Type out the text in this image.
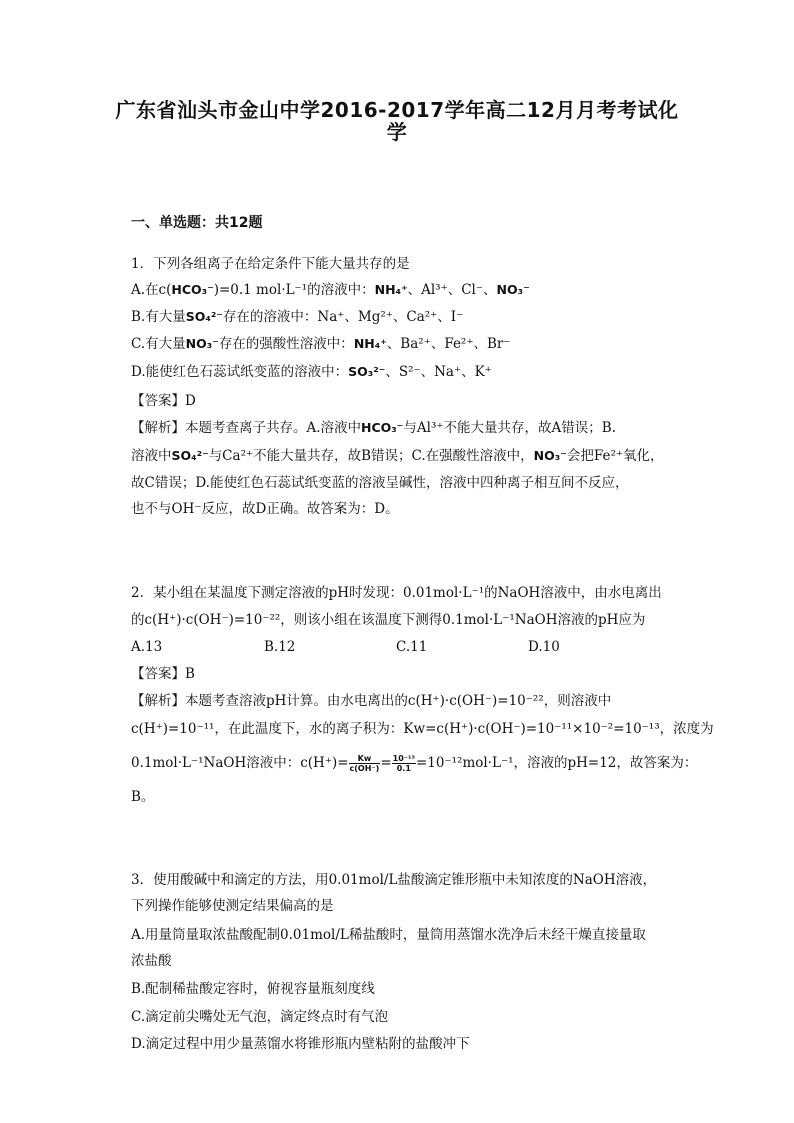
广东省汕头市金山中学2016-2017学年高二12月月考考试化
学
一、单选题：共12题
1．下列各组离子在给定条件下能大量共存的是
A.在c(HCO₃⁻)=0.1 mol·L⁻¹的溶液中：NH₄⁺、Al³⁺、Cl⁻、NO₃⁻
B.有大量SO₄²⁻存在的溶液中：Na⁺、Mg²⁺、Ca²⁺、I⁻
C.有大量NO₃⁻存在的强酸性溶液中：NH₄⁺、Ba²⁺、Fe²⁺、Br⁻
D.能使红色石蕊试纸变蓝的溶液中：SO₃²⁻、S²⁻、Na⁺、K⁺
【答案】D
【解析】本题考查离子共存。A.溶液中HCO₃⁻与Al³⁺不能大量共存，故A错误；B.
溶液中SO₄²⁻与Ca²⁺不能大量共存，故B错误；C.在强酸性溶液中，NO₃⁻会把Fe²⁺氧化，
故C错误；D.能使红色石蕊试纸变蓝的溶液呈碱性，溶液中四种离子相互间不反应，
也不与OH⁻反应，故D正确。故答案为：D。
2．某小组在某温度下测定溶液的pH时发现：0.01mol·L⁻¹的NaOH溶液中，由水电离出
的c(H⁺)·c(OH⁻)=10⁻²²，则该小组在该温度下测得0.1mol·L⁻¹NaOH溶液的pH应为
A.13	B.12	C.11	D.10
【答案】B
【解析】本题考查溶液pH计算。由水电离出的c(H⁺)·c(OH⁻)=10⁻²²，则溶液中
c(H⁺)=10⁻¹¹，在此温度下，水的离子积为：Kw=c(H⁺)·c(OH⁻)=10⁻¹¹×10⁻²=10⁻¹³，浓度为
0.1mol·L⁻¹NaOH溶液中：$c(H^+)= \frac{Kw}{c(OH^-)} = \frac{\text{10⁻¹³}}{0.1} =10^{-12}mol\cdot L^{-1}$，溶液的pH=12，故答案为：
B。
3．使用酸碱中和滴定的方法，用0.01mol/L盐酸滴定锥形瓶中未知浓度的NaOH溶液，
下列操作能够使测定结果偏高的是
A.用量筒量取浓盐酸配制0.01mol/L稀盐酸时，量筒用蒸馏水洗净后未经干燥直接量取
浓盐酸
B.配制稀盐酸定容时，俯视容量瓶刻度线
C.滴定前尖嘴处无气泡，滴定终点时有气泡
D.滴定过程中用少量蒸馏水将锥形瓶内壁粘附的盐酸冲下
